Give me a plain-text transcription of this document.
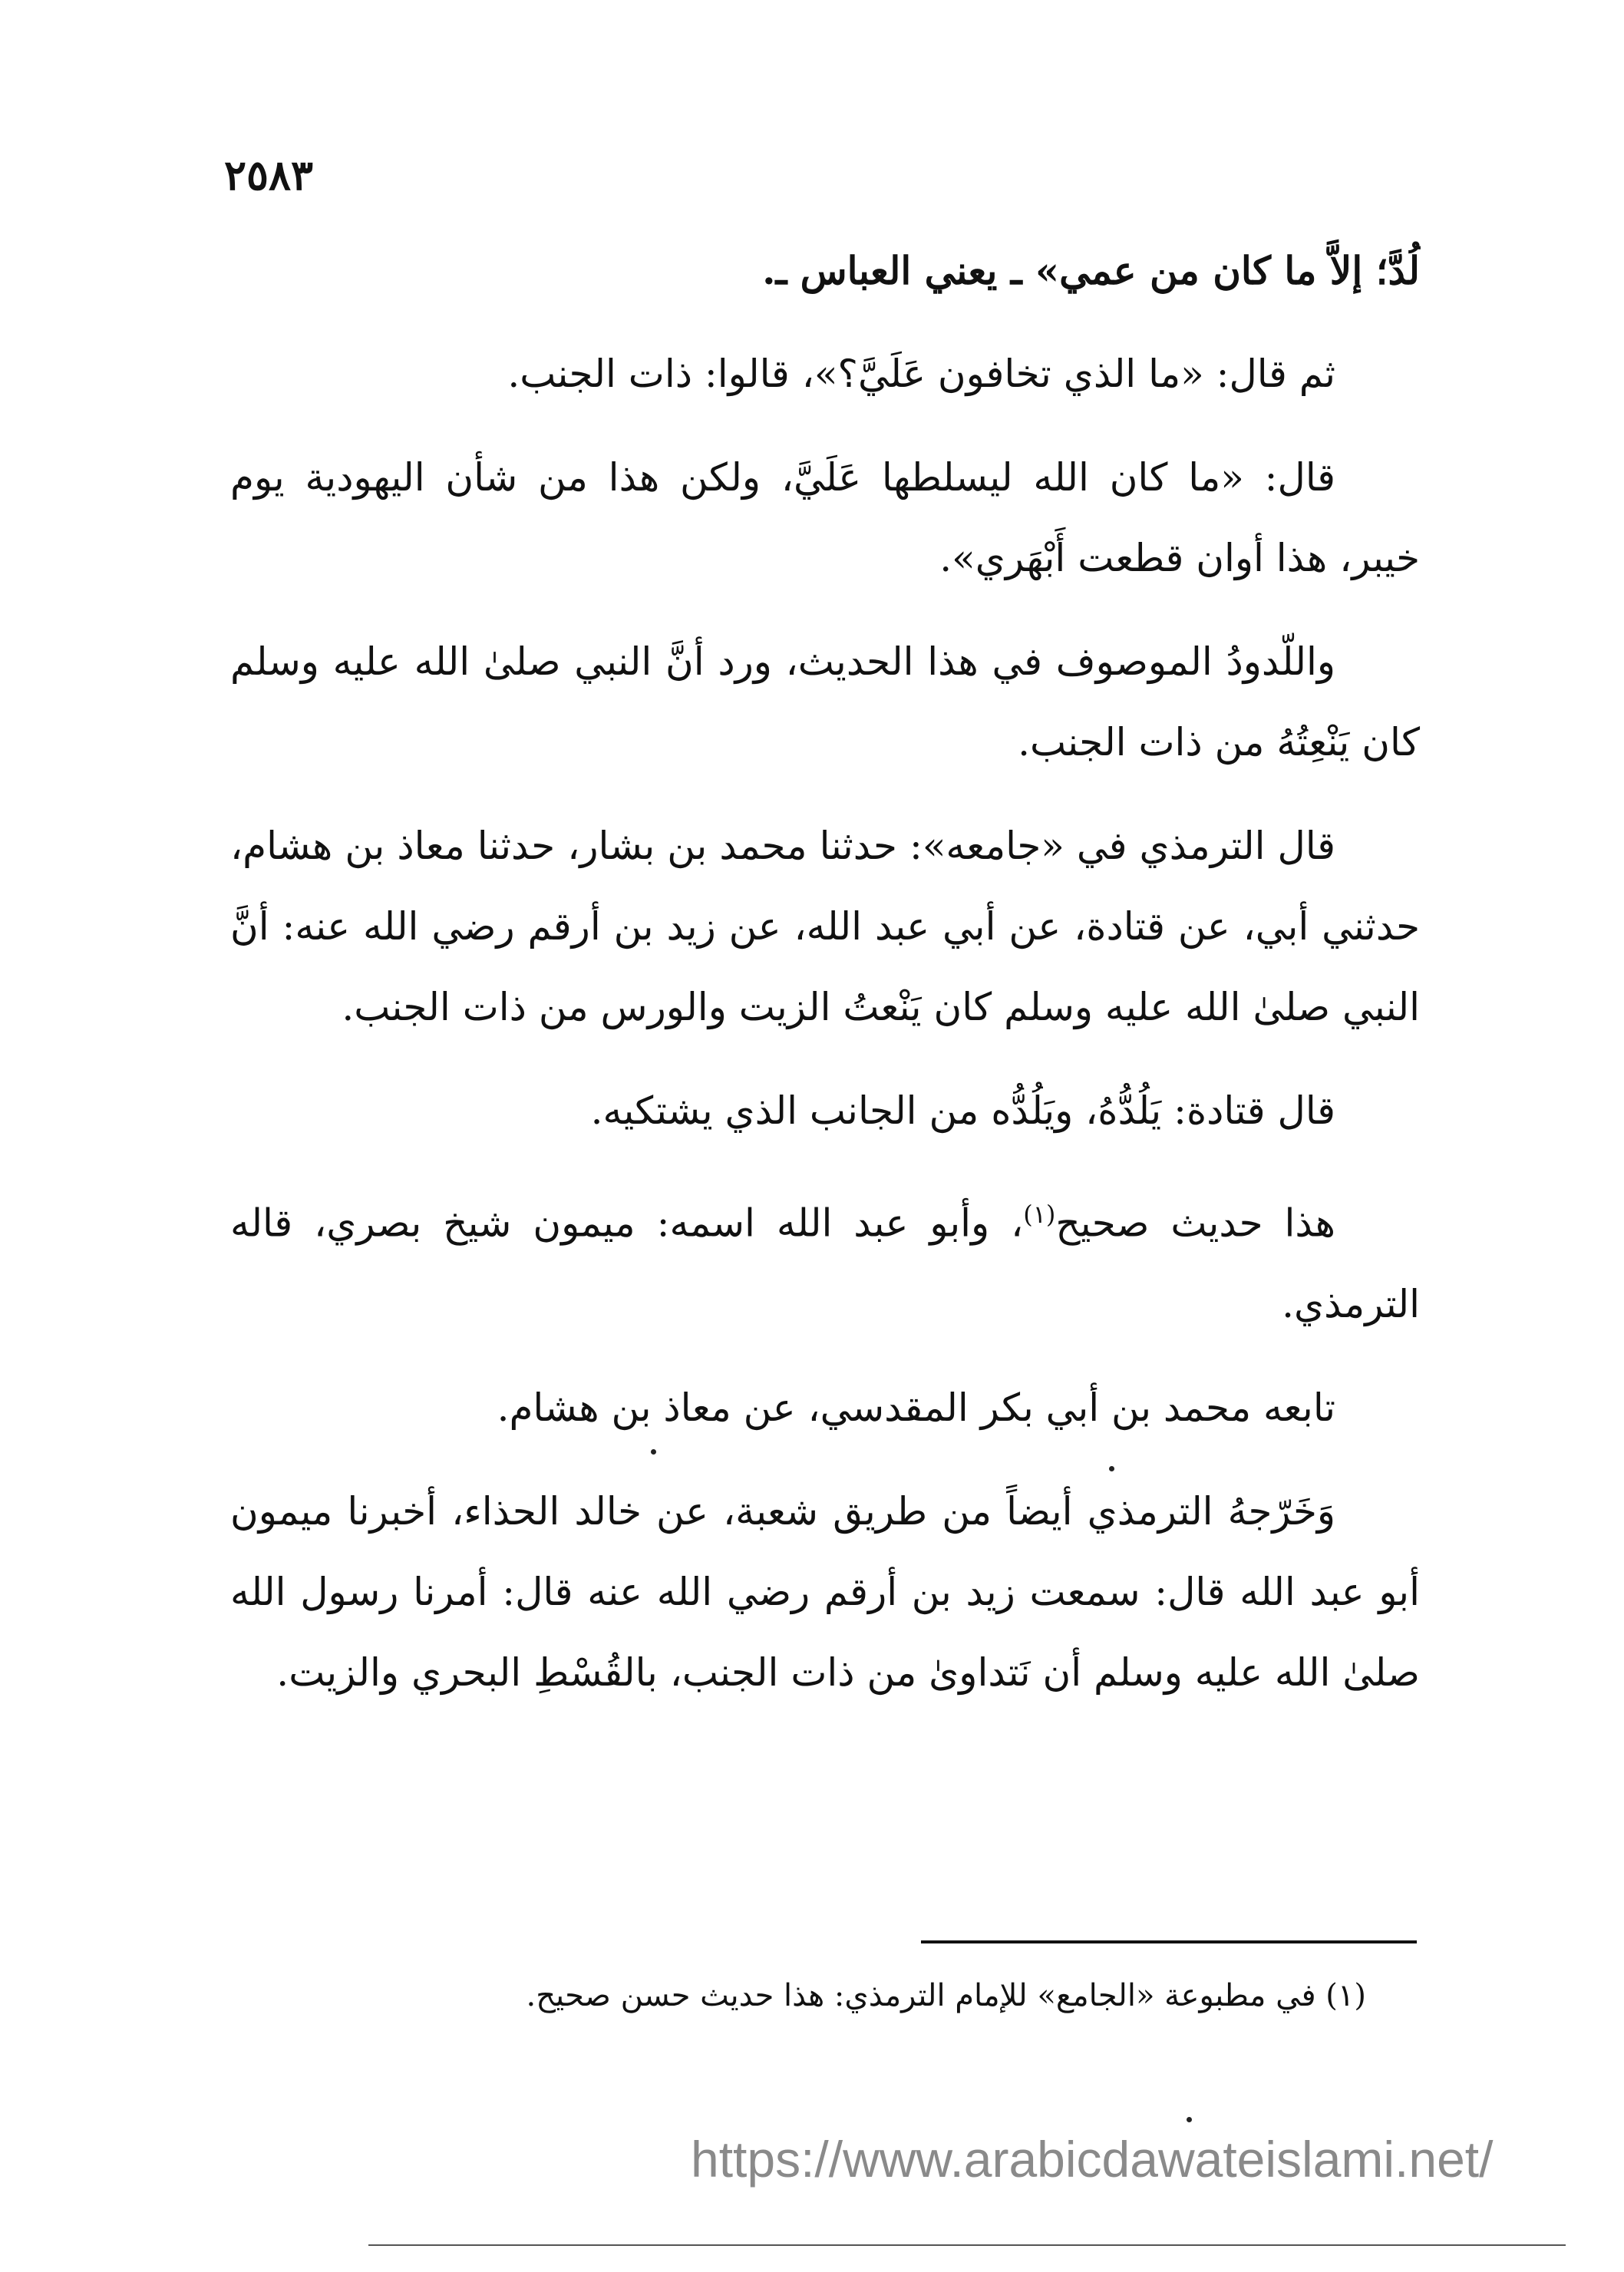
٢٥٨٣

لُدَّ؛ إلاَّ ما كان من عمي» ـ يعني العباس ـ.

ثم قال: «ما الذي تخافون عَلَيَّ؟»، قالوا: ذات الجنب.

قال: «ما كان الله ليسلطها عَلَيَّ، ولكن هذا من شأن اليهودية يوم خيبر، هذا أوان قطعت أَبْهَري».

واللّدودُ الموصوف في هذا الحديث، ورد أنَّ النبي صلىٰ الله عليه وسلم كان يَنْعِتُهُ من ذات الجنب.

قال الترمذي في «جامعه»: حدثنا محمد بن بشار، حدثنا معاذ بن هشام، حدثني أبي، عن قتادة، عن أبي عبد الله، عن زيد بن أرقم رضي الله عنه: أنَّ النبي صلىٰ الله عليه وسلم كان يَنْعتُ الزيت والورس من ذات الجنب.

قال قتادة: يَلُدُّهُ، ويَلُدُّه من الجانب الذي يشتكيه.

هذا حديث صحيح$^{(١)}$، وأبو عبد الله اسمه: ميمون شيخ بصري، قاله الترمذي.

تابعه محمد بن أبي بكر المقدسي، عن معاذ بن هشام.

وَخَرّجهُ الترمذي أيضاً من طريق شعبة، عن خالد الحذاء، أخبرنا ميمون أبو عبد الله قال: سمعت زيد بن أرقم رضي الله عنه قال: أمرنا رسول الله صلىٰ الله عليه وسلم أن نَتداوىٰ من ذات الجنب، بالقُسْطِ البحري والزيت.

(١) في مطبوعة «الجامع» للإمام الترمذي: هذا حديث حسن صحيح.
https://www.arabicdawateislami.net/
